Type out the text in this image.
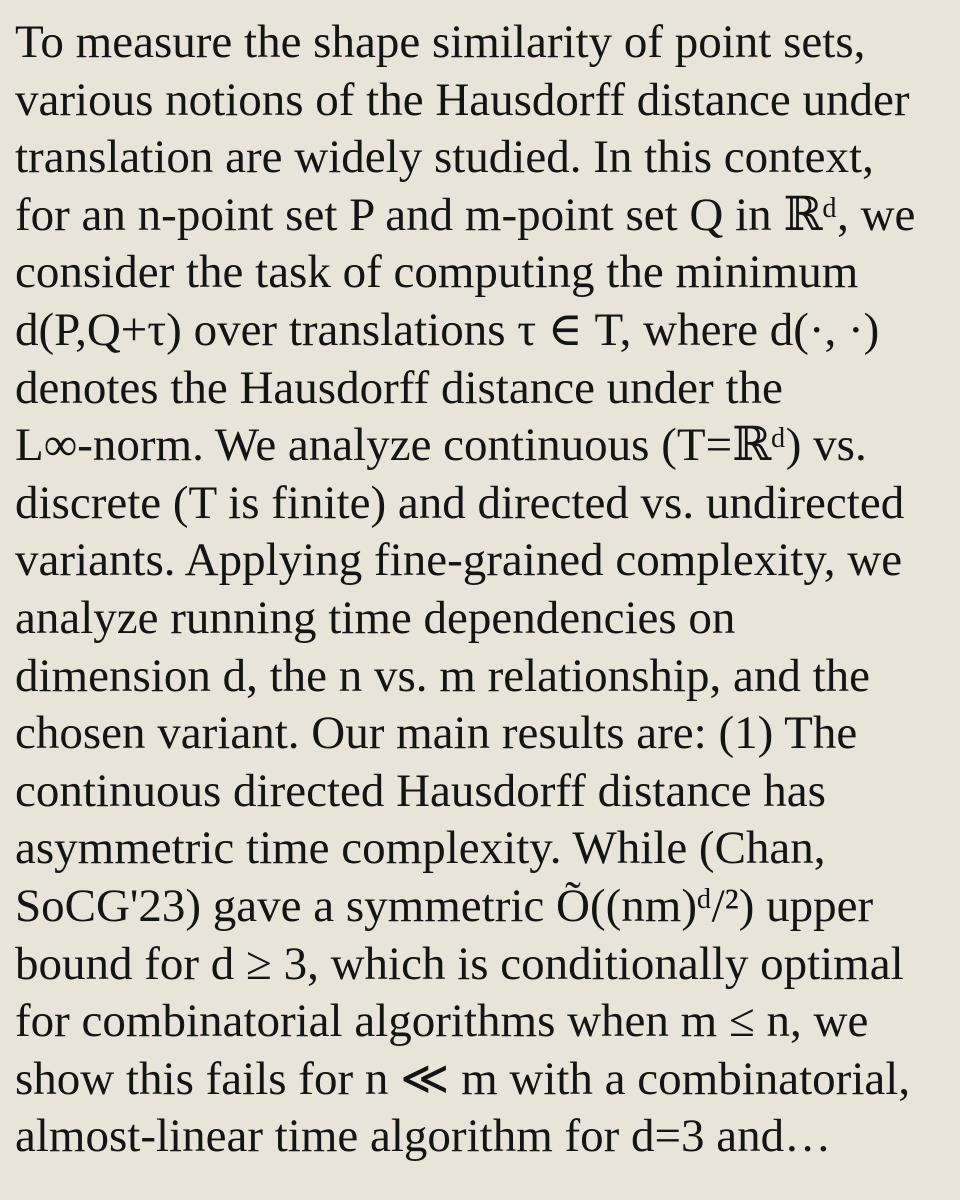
To measure the shape similarity of point sets,
various notions of the Hausdorff distance under
translation are widely studied. In this context,
for an n-point set P and m-point set Q in ℝᵈ, we
consider the task of computing the minimum
d(P,Q+τ) over translations τ ∈ T, where d(·, ·)
denotes the Hausdorff distance under the
L∞-norm. We analyze continuous (T=ℝᵈ) vs.
discrete (T is finite) and directed vs. undirected
variants. Applying fine-grained complexity, we
analyze running time dependencies on
dimension d, the n vs. m relationship, and the
chosen variant. Our main results are: (1) The
continuous directed Hausdorff distance has
asymmetric time complexity. While (Chan,
SoCG'23) gave a symmetric Õ((nm)ᵈ/²) upper
bound for d ≥ 3, which is conditionally optimal
for combinatorial algorithms when m ≤ n, we
show this fails for n ≪ m with a combinatorial,
almost-linear time algorithm for d=3 and…
